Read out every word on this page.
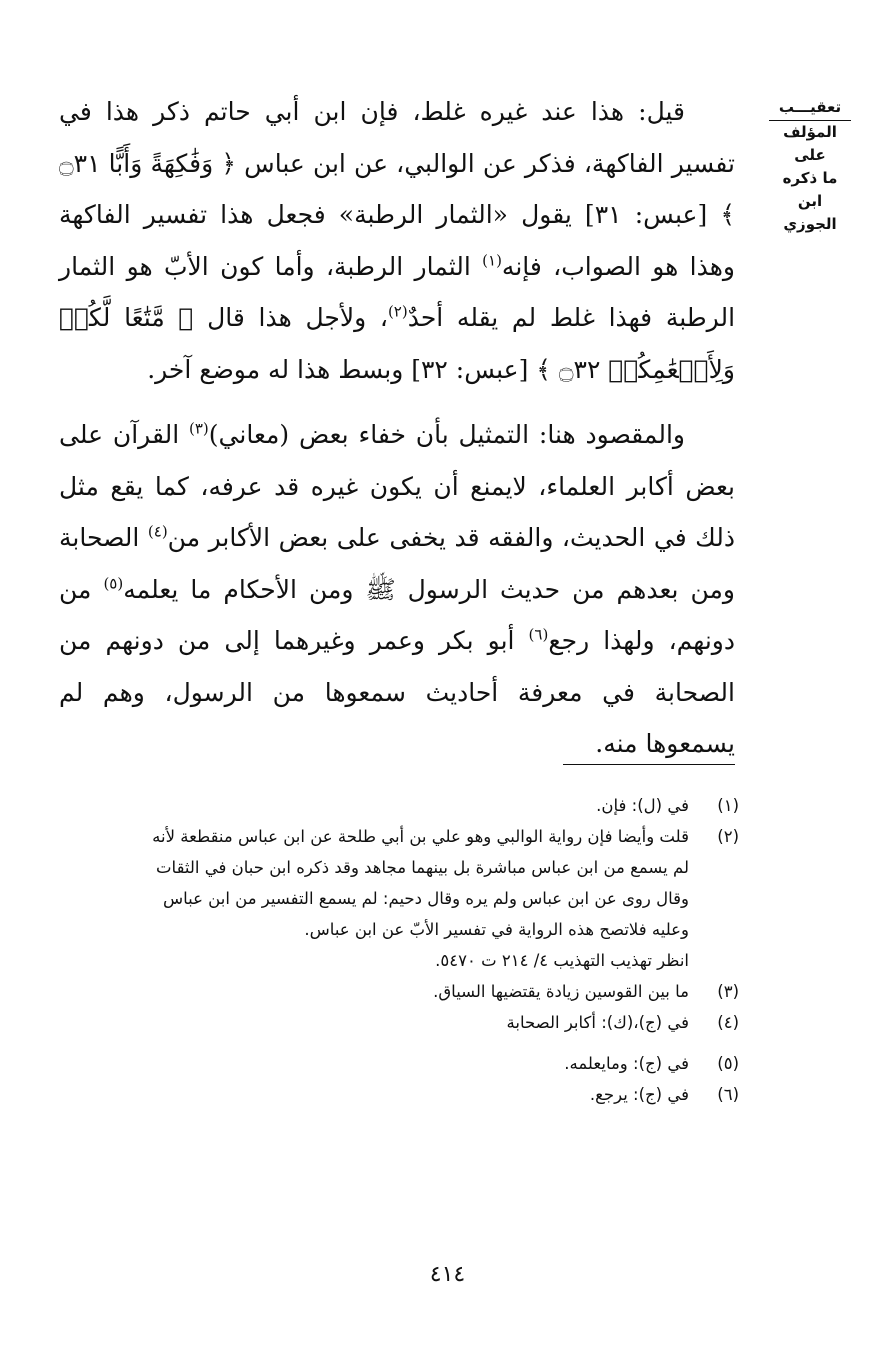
تعقيـــب
المؤلف على
ما ذكره ابن
الجوزي

قيل: هذا عند غيره غلط، فإن ابن أبي حاتم ذكر هذا في تفسير الفاكهة، فذكر عن الوالبي، عن ابن عباس ﴿ وَفَٰكِهَةً وَأَبًّا ۝٣١ ﴾ [عبس: ٣١] يقول «الثمار الرطبة» فجعل هذا تفسير الفاكهة وهذا هو الصواب، فإنه$^{(١)}$ الثمار الرطبة، وأما كون الأبّ هو الثمار الرطبة فهذا غلط لم يقله أحدٌ$^{(٢)}$، ولأجل هذا قال ﴿ مَّتَٰعًا لَّكُمۡ وَلِأَنۡعَٰمِكُمۡ ۝٣٢ ﴾ [عبس: ٣٢] وبسط هذا له موضع آخر.

والمقصود هنا: التمثيل بأن خفاء بعض (معاني)$^{(٣)}$ القرآن على بعض أكابر العلماء، لايمنع أن يكون غيره قد عرفه، كما يقع مثل ذلك في الحديث، والفقه قد يخفى على بعض الأكابر من$^{(٤)}$ الصحابة ومن بعدهم من حديث الرسول ﷺ ومن الأحكام ما يعلمه$^{(٥)}$ من دونهم، ولهذا رجع$^{(٦)}$ أبو بكر وعمر وغيرهما إلى من دونهم من الصحابة في معرفة أحاديث سمعوها من الرسول، وهم لم يسمعوها منه.

(١)
في (ل): فإن.
(٢)
قلت وأيضا فإن رواية الوالبي وهو علي بن أبي طلحة عن ابن عباس منقطعة لأنه
لم يسمع من ابن عباس مباشرة بل بينهما مجاهد وقد ذكره ابن حبان في الثقات
وقال روى عن ابن عباس ولم يره وقال دحيم: لم يسمع التفسير من ابن عباس
وعليه فلاتصح هذه الرواية في تفسير الأبّ عن ابن عباس.
انظر تهذيب التهذيب ٤/ ٢١٤ ت ٥٤٧٠.
(٣)
ما بين القوسين زيادة يقتضيها السياق.
(٤)
في (ج)،(ك): أكابر الصحابة
(٥)
في (ج): ومايعلمه.
(٦)
في (ج): يرجع.
٤١٤
